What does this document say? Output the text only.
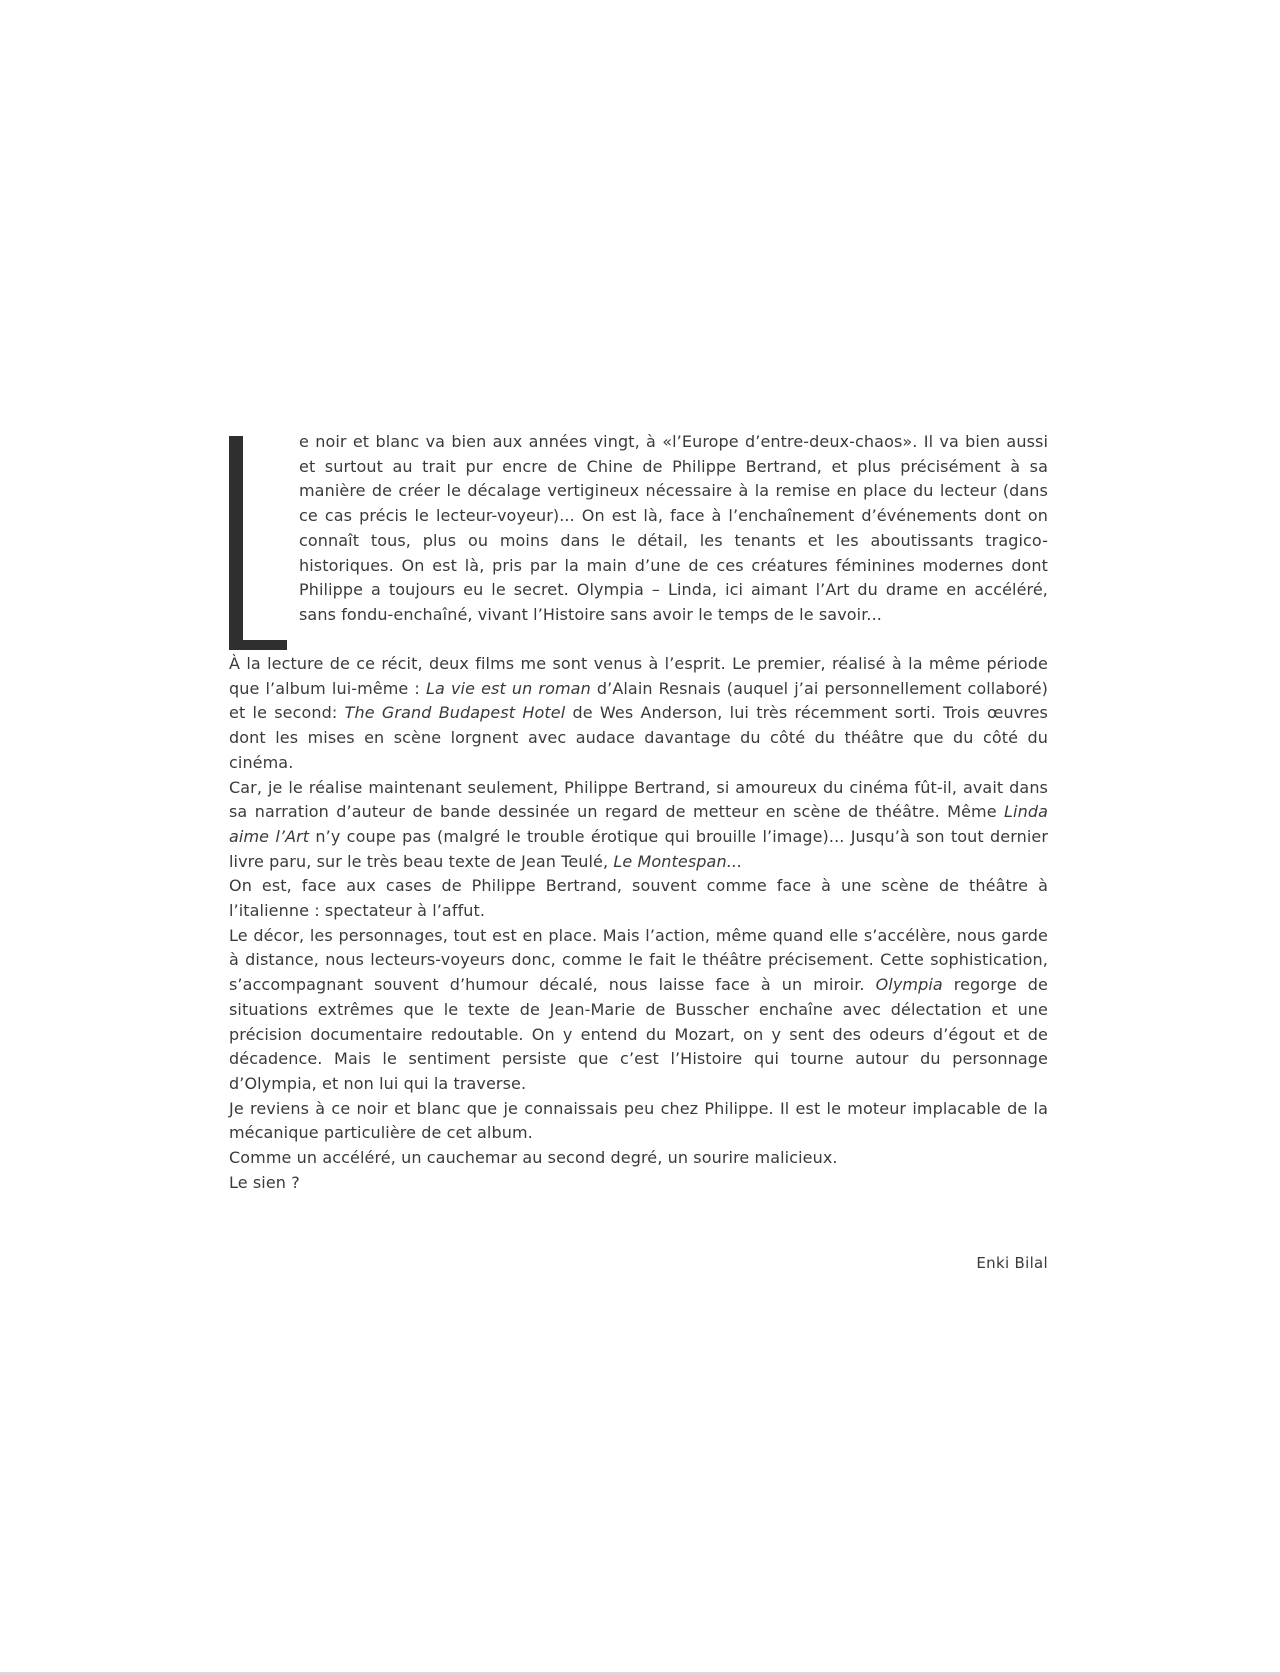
e noir et blanc va bien aux années vingt, à «l’Europe d’entre-deux-chaos». Il va bien aussi et surtout au trait pur encre de Chine de Philippe Bertrand, et plus précisément à sa manière de créer le décalage vertigineux nécessaire à la remise en place du lecteur (dans ce cas précis le lecteur-voyeur)... On est là, face à l’enchaînement d’événements dont on connaît tous, plus ou moins dans le détail, les tenants et les aboutissants tragico-historiques. On est là, pris par la main d’une de ces créatures féminines modernes dont Philippe a toujours eu le secret. Olympia – Linda, ici aimant l’Art du drame en accéléré, sans fondu-enchaîné, vivant l’Histoire sans avoir le temps de le savoir...

À la lecture de ce récit, deux films me sont venus à l’esprit. Le premier, réalisé à la même période que l’album lui-même : La vie est un roman d’Alain Resnais (auquel j’ai personnellement collaboré) et le second: The Grand Budapest Hotel de Wes Anderson, lui très récemment sorti. Trois œuvres dont les mises en scène lorgnent avec audace davantage du côté du théâtre que du côté du cinéma.

Car, je le réalise maintenant seulement, Philippe Bertrand, si amoureux du cinéma fût-il, avait dans sa narration d’auteur de bande dessinée un regard de metteur en scène de théâtre. Même Linda aime l’Art n’y coupe pas (malgré le trouble érotique qui brouille l’image)... Jusqu’à son tout dernier livre paru, sur le très beau texte de Jean Teulé, Le Montespan...

On est, face aux cases de Philippe Bertrand, souvent comme face à une scène de théâtre à l’italienne : spectateur à l’affut.

Le décor, les personnages, tout est en place. Mais l’action, même quand elle s’accélère, nous garde à distance, nous lecteurs-voyeurs donc, comme le fait le théâtre précisement. Cette sophistication, s’accompagnant souvent d’humour décalé, nous laisse face à un miroir. Olympia regorge de situations extrêmes que le texte de Jean-Marie de Busscher enchaîne avec délectation et une précision documentaire redoutable. On y entend du Mozart, on y sent des odeurs d’égout et de décadence. Mais le sentiment persiste que c’est l’Histoire qui tourne autour du personnage d’Olympia, et non lui qui la traverse.

Je reviens à ce noir et blanc que je connaissais peu chez Philippe. Il est le moteur implacable de la mécanique particulière de cet album.

Comme un accéléré, un cauchemar au second degré, un sourire malicieux.

Le sien ?

Enki Bilal
